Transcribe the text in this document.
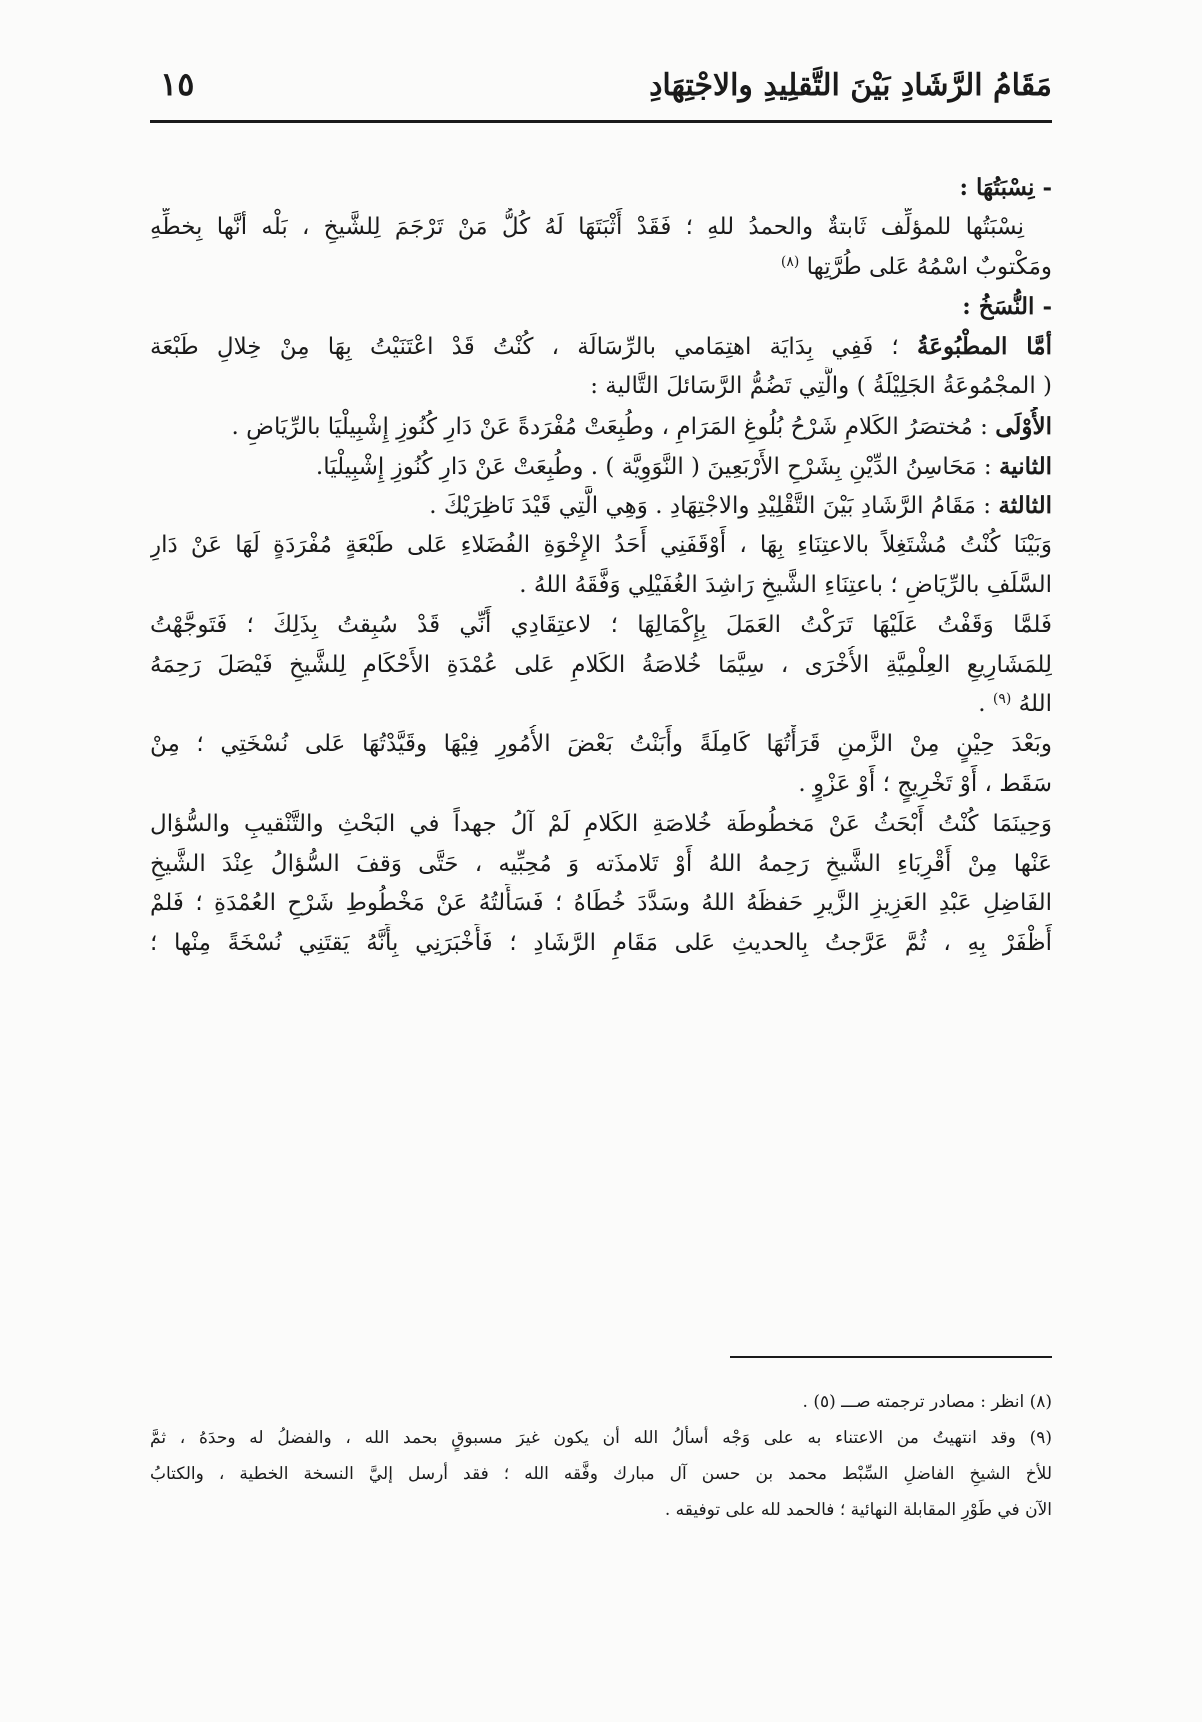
مَقَامُ الرَّشَادِ بَيْنَ التَّقلِيدِ والاجْتِهَادِ
١٥
- نِسْبَتُهَا :
نِسْبَتُها للمؤلِّف ثَابتةٌ والحمدُ للهِ ؛ فَقَدْ أَثْبَتَهَا لَهُ كُلُّ مَنْ تَرْجَمَ لِلشَّيخِ ، بَلْه أنَّها بِخطِّهِ
ومَكْتوبٌ اسْمُهُ عَلى طُرَّتِها $^{(٨)}$
- النُّسَخُ :
أمَّا المطْبُوعَةُ ؛ فَفِي بِدَايَة اهتِمَامي بالرِّسَالَة ، كُنْتُ قَدْ اعْتَنَيْتُ بِهَا مِنْ خِلالِ طَبْعَة
( المجْمُوعَةُ الجَلِيْلَةُ ) والَّتِي تَضُمُّ الرَّسَائلَ التَّالية :
الأُوْلَى : مُختصَرُ الكَلامِ شَرْحُ بُلُوغِ المَرَامِ ، وطُبِعَتْ مُفْرَدةً عَنْ دَارِ كُنُوزِ إِشْبِيلْيَا بالرِّيَاضِ .
الثانية : مَحَاسِنُ الدِّيْنِ بِشَرْحِ الأَرْبَعِينَ ( النَّوَوِيَّة ) . وطُبِعَتْ عَنْ دَارِ كُنُوزِ إِشْبِيلْيَا.
الثالثة : مَقَامُ الرَّشَادِ بَيْنَ التَّقْلِيْدِ والاجْتِهَادِ . وَهِي الَّتِي قَيْدَ نَاظِرَيْكَ .
وَبَيْنَا كُنْتُ مُشْتَغِلاً بالاعتِنَاءِ بِهَا ، أَوْقَفَنِي أَحَدُ الإِخْوَةِ الفُضَلاءِ عَلى طَبْعَةٍ مُفْرَدَةٍ لَهَا عَنْ دَارِ
السَّلَفِ بالرِّيَاضِ ؛ باعتِنَاءِ الشَّيخِ رَاشِدَ الغُفَيْلِي وَفَّقَهُ اللهُ .
فَلمَّا وَقَفْتُ عَلَيْهَا تَرَكْتُ العَمَلَ بِإِكْمَالِهَا ؛ لاعتِقَادِي أَنِّي قَدْ سُبِقتُ بِذَلِكَ ؛ فَتَوجَّهْتُ
لِلمَشَارِيعِ العِلْمِيَّةِ الأُخْرَى ، سِيَّمَا خُلاصَةُ الكَلامِ عَلى عُمْدَةِ الأَحْكَامِ لِلشَّيخِ فَيْصَلَ رَحِمَهُ
اللهُ $^{(٩)}$ .
وبَعْدَ حِيْنٍ مِنْ الزَّمنِ قَرَأْتُهَا كَامِلَةً وأَبَنْتُ بَعْضَ الأُمُورِ فِيْهَا وقَيَّدْتُهَا عَلى نُسْخَتِي ؛ مِنْ
سَقَط ، أَوْ تَخْرِيجٍ ؛ أَوْ عَزْوٍ .
وَحِينَمَا كُنْتُ أَبْحَثُ عَنْ مَخطُوطَة خُلاصَةِ الكَلامِ لَمْ آلُ جهداً في البَحْثِ والتَّنْقيبِ والسُّؤال
عَنْها مِنْ أَقْرِبَاءِ الشَّيخِ رَحِمهُ اللهُ أَوْ تَلامذَته وَ مُحِبِّيه ، حَتَّى وَقفَ السُّؤالُ عِنْدَ الشَّيخِ
الفَاضِلِ عَبْدِ العَزِيزِ الزَّيرِ حَفظَهُ اللهُ وسَدَّدَ خُطَاهُ ؛ فَسَأَلتُهُ عَنْ مَخْطُوطِ شَرْحِ العُمْدَةِ ؛ فَلمْ
أَظْفَرْ بِهِ ، ثُمَّ عَرَّجتُ بِالحديثِ عَلى مَقَامِ الرَّشَادِ ؛ فَأَخْبَرَنِي بِأَنَّهُ يَقتَنِي نُسْخَةً مِنْها ؛
(٨) انظر : مصادر ترجمته صـــ (٥) .
(٩) وقد انتهيتُ من الاعتناء به على وَجْه أسألُ الله أن يكون غيرَ مسبوقٍ بحمد الله ، والفضلُ له وحدَهُ ، ثمَّ
للأخ الشيخِ الفاضلِ السِّبْط محمد بن حسن آل مبارك وفَّقه الله ؛ فقد أرسل إليَّ النسخة الخطية ، والكتابُ
الآن في طَوْرِ المقابلة النهائية ؛ فالحمد لله على توفيقه .
